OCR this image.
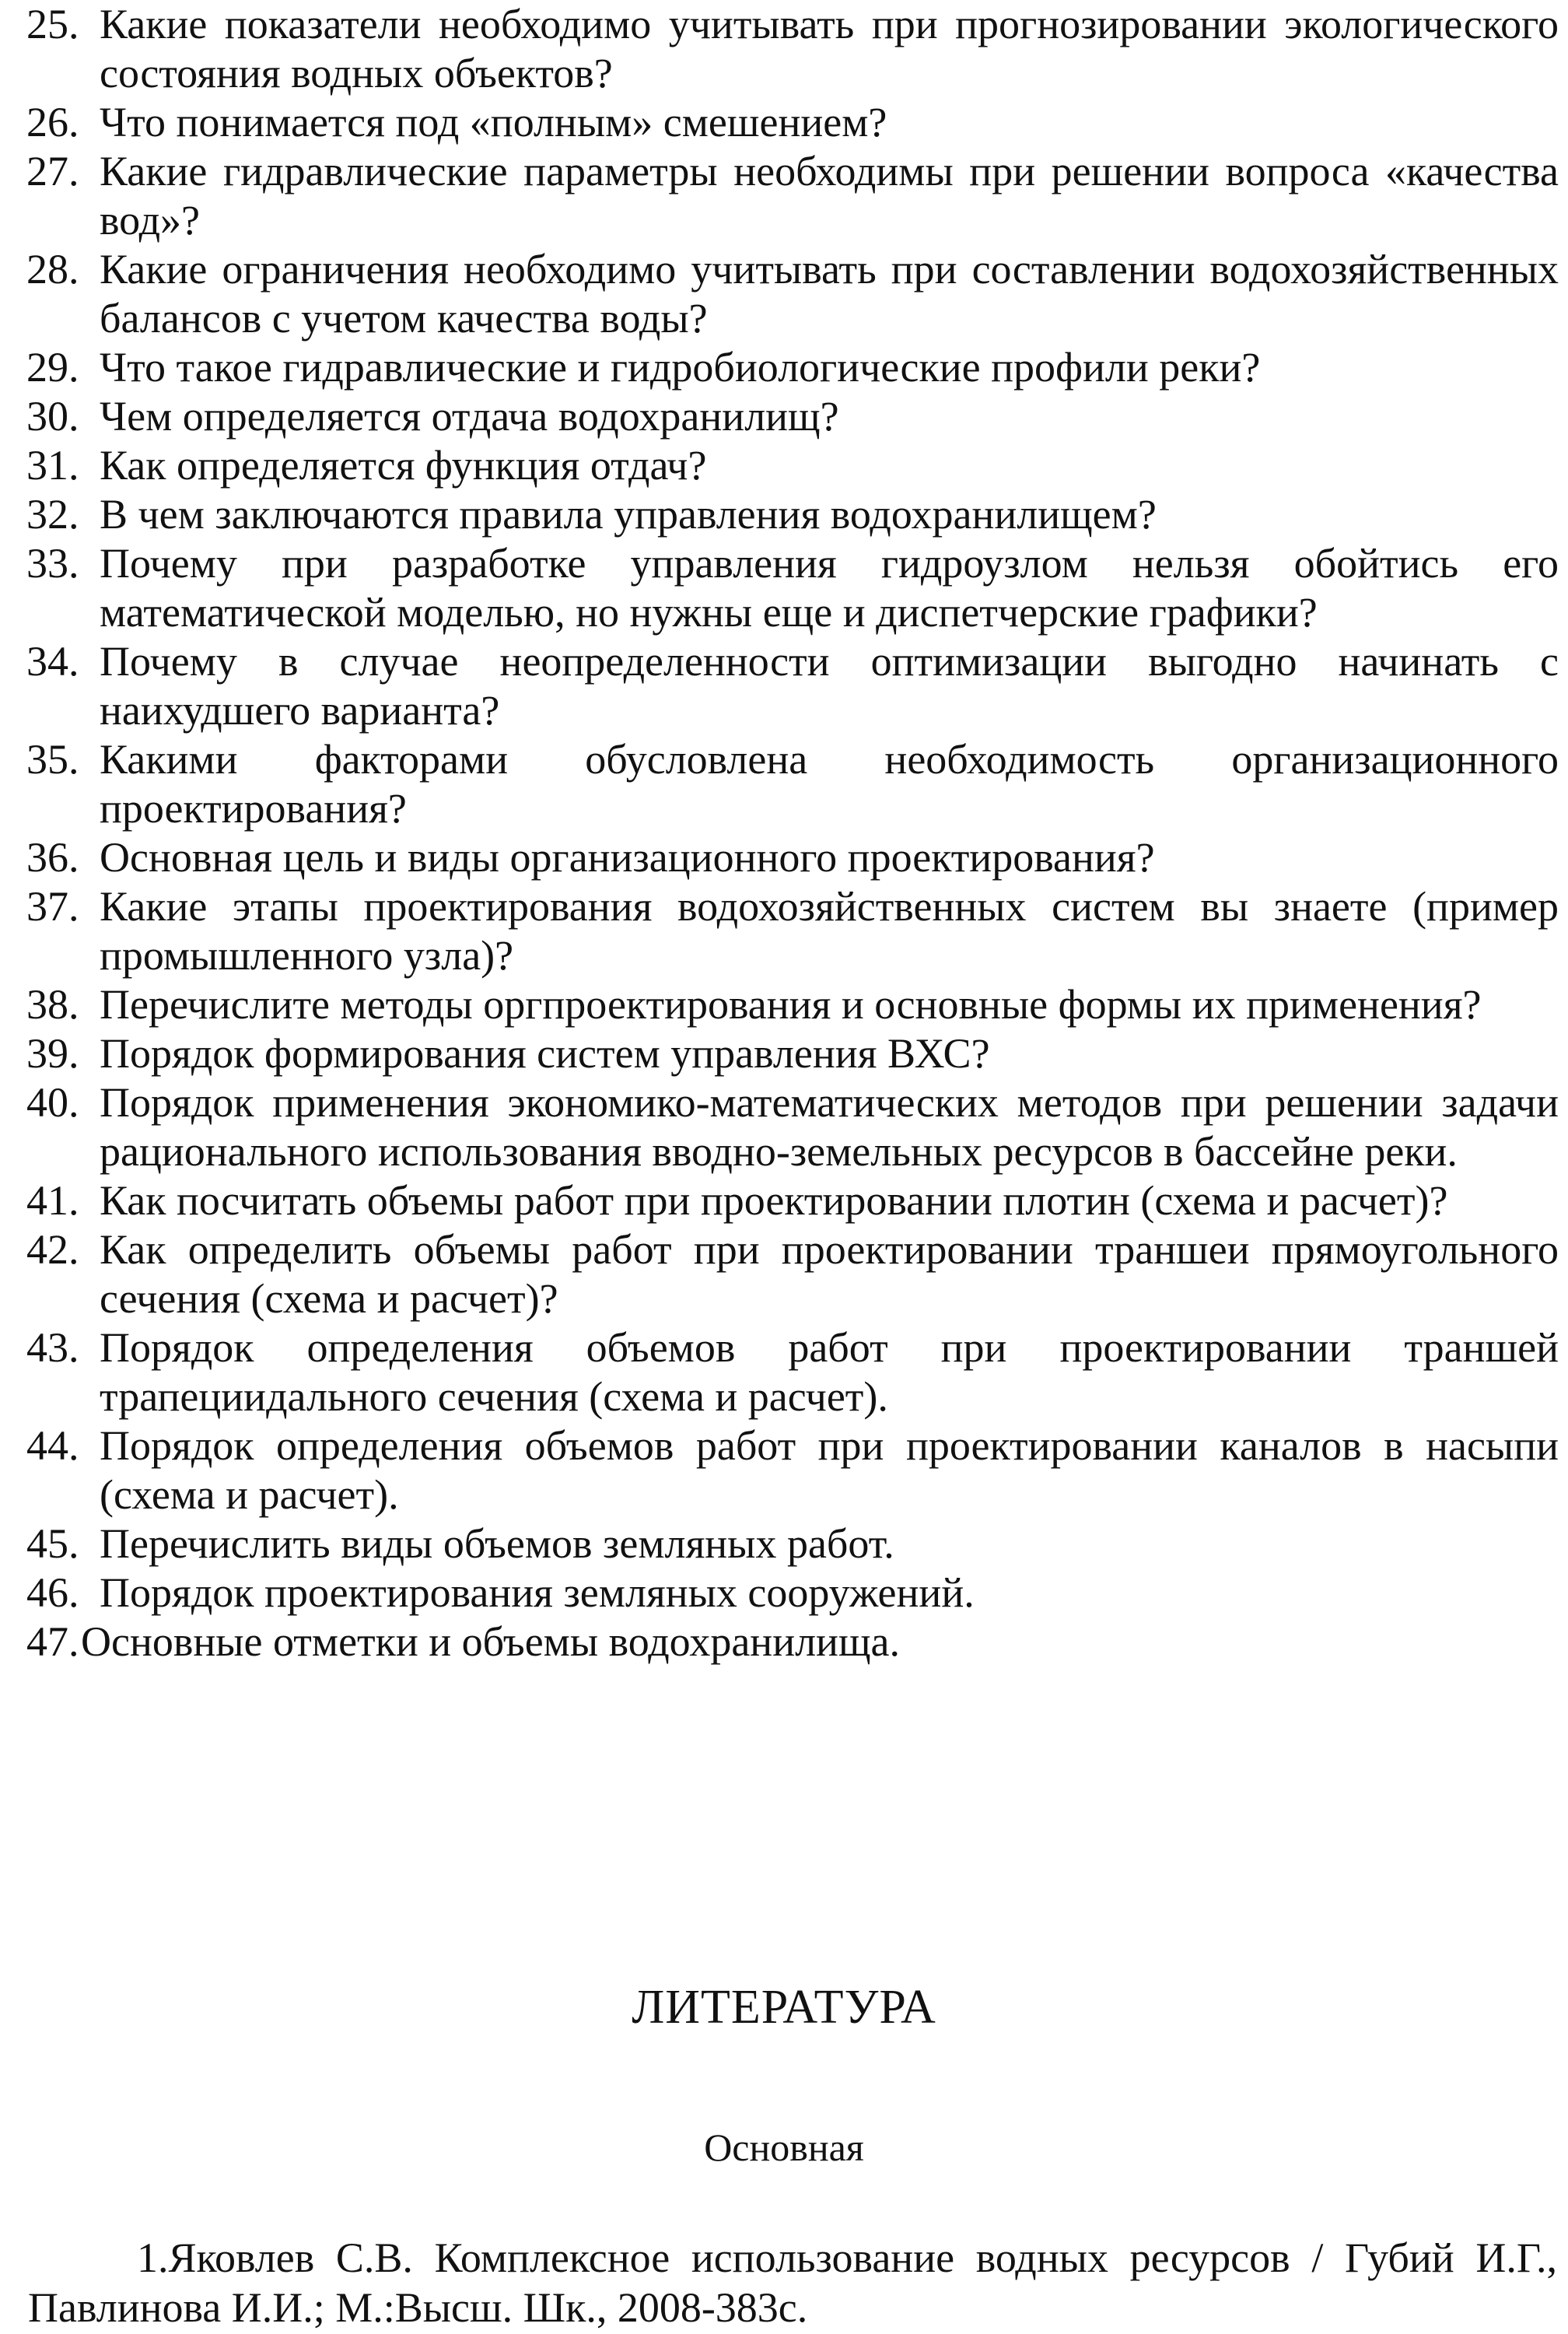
25. Какие показатели необходимо учитывать при прогнозировании экологического состояния водных объектов?
26. Что понимается под «полным» смешением?
27. Какие гидравлические параметры необходимы при решении вопроса «качества вод»?
28. Какие ограничения необходимо учитывать при составлении водохозяйственных балансов с учетом качества воды?
29. Что такое гидравлические и гидробиологические профили реки?
30. Чем определяется отдача водохранилищ?
31. Как определяется функция отдач?
32. В чем заключаются правила управления водохранилищем?
33. Почему при разработке управления гидроузлом нельзя обойтись его математической моделью, но нужны еще и диспетчерские графики?
34. Почему в случае неопределенности оптимизации выгодно начинать с наихудшего варианта?
35. Какими факторами обусловлена необходимость организационного проектирования?
36. Основная цель и виды организационного проектирования?
37. Какие этапы проектирования водохозяйственных систем вы знаете (пример промышленного узла)?
38. Перечислите методы оргпроектирования и основные формы их применения?
39. Порядок формирования систем управления ВХС?
40. Порядок применения экономико-математических методов при решении задачи рационального использования вводно-земельных ресурсов в бассейне реки.
41. Как посчитать объемы работ при проектировании плотин (схема и расчет)?
42. Как определить объемы работ при проектировании траншеи прямоугольного сечения (схема и расчет)?
43. Порядок определения объемов работ при проектировании траншей трапециидального сечения (схема и расчет).
44. Порядок определения объемов работ при проектировании каналов в насыпи (схема и расчет).
45. Перечислить виды объемов земляных работ.
46. Порядок проектирования земляных сооружений.
47. Основные отметки и объемы водохранилища.
ЛИТЕРАТУРА
Основная
1.Яковлев С.В. Комплексное использование водных ресурсов / Губий И.Г., Павлинова И.И.; М.:Высш. Шк., 2008-383с.
